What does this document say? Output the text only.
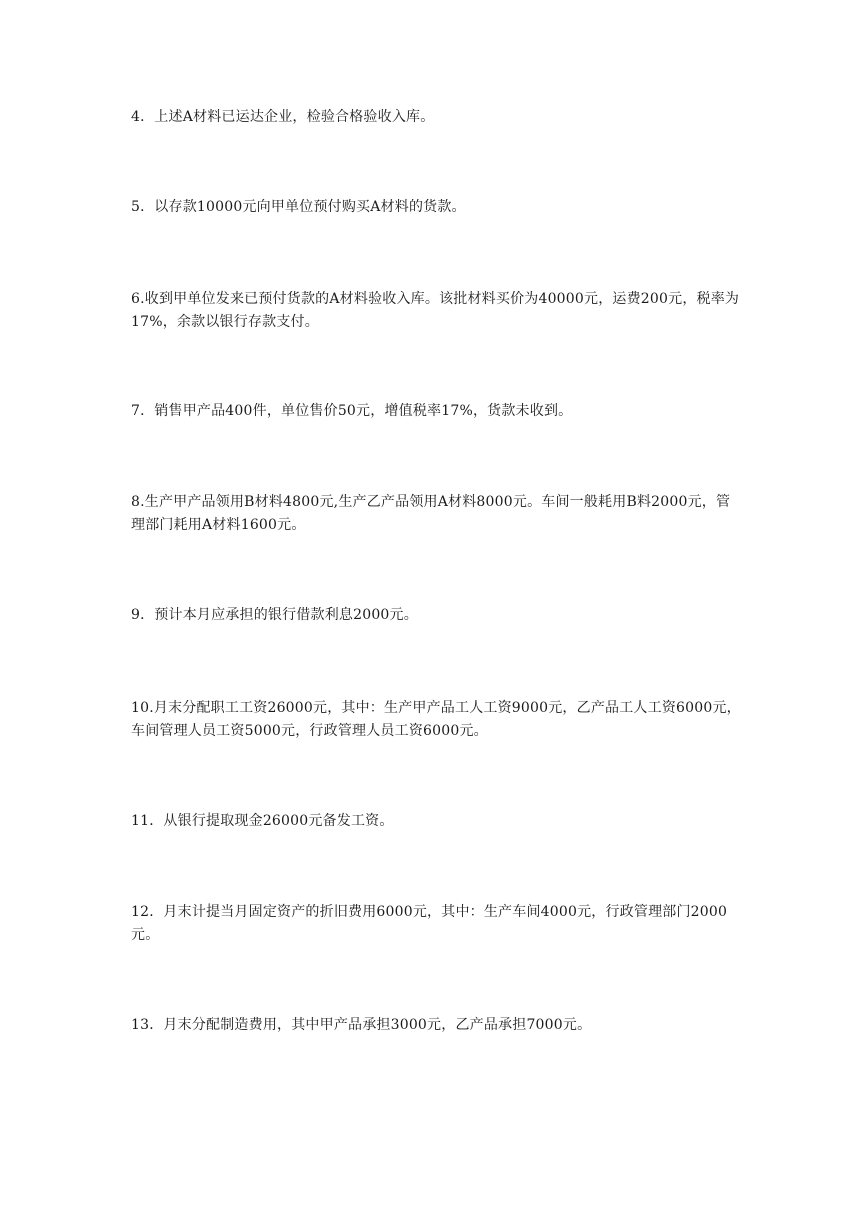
4．上述A材料已运达企业，检验合格验收入库。

5．以存款10000元向甲单位预付购买A材料的货款。

6.收到甲单位发来已预付货款的A材料验收入库。该批材料买价为40000元，运费200元，税率为17%，余款以银行存款支付。

7．销售甲产品400件，单位售价50元，增值税率17%，货款未收到。

8.生产甲产品领用B材料4800元,生产乙产品领用A材料8000元。车间一般耗用B料2000元，管理部门耗用A材料1600元。

9．预计本月应承担的银行借款利息2000元。

10.月末分配职工工资26000元，其中：生产甲产品工人工资9000元，乙产品工人工资6000元，车间管理人员工资5000元，行政管理人员工资6000元。

11．从银行提取现金26000元备发工资。

12．月末计提当月固定资产的折旧费用6000元，其中：生产车间4000元，行政管理部门2000元。

13．月末分配制造费用，其中甲产品承担3000元，乙产品承担7000元。
